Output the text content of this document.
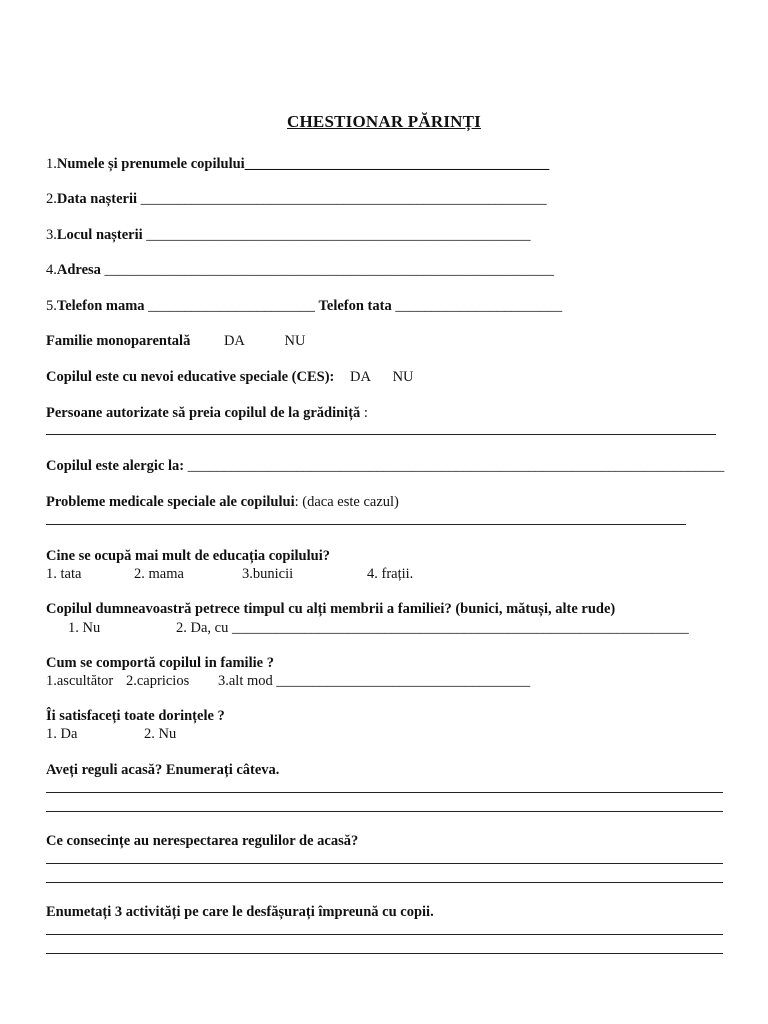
CHESTIONAR PĂRINȚI
1.Numele și prenumele copilului__________________________________________
2.Data nașterii ________________________________________________________
3.Locul nașterii _____________________________________________________
4.Adresa ______________________________________________________________
5.Telefon mama _______________________ Telefon tata _______________________
Familie monoparentală DA	NU
Copilul este cu nevoi educative speciale (CES): DA NU
Persoane autorizate să preia copilul de la grădiniță :
Copilul este alergic la: __________________________________________________________________________
Probleme medicale speciale ale copilului: (daca este cazul)
Cine se ocupă mai mult de educația copilului?
1. tata	2. mama	3.bunicii	4. frații.
Copilul dumneavoastră petrece timpul cu alți membrii a familiei? (bunici, mătuși, alte rude)
1. Nu	2. Da, cu _______________________________________________________________
Cum se comportă copilul in familie ?
1.ascultător 2.capricios 3.alt mod ___________________________________
Îi satisfaceți toate dorințele ?
1. Da	2. Nu
Aveți reguli acasă? Enumerați câteva.
Ce consecințe au nerespectarea regulilor de acasă?
Enumetați 3 activități pe care le desfășurați împreună cu copii.
